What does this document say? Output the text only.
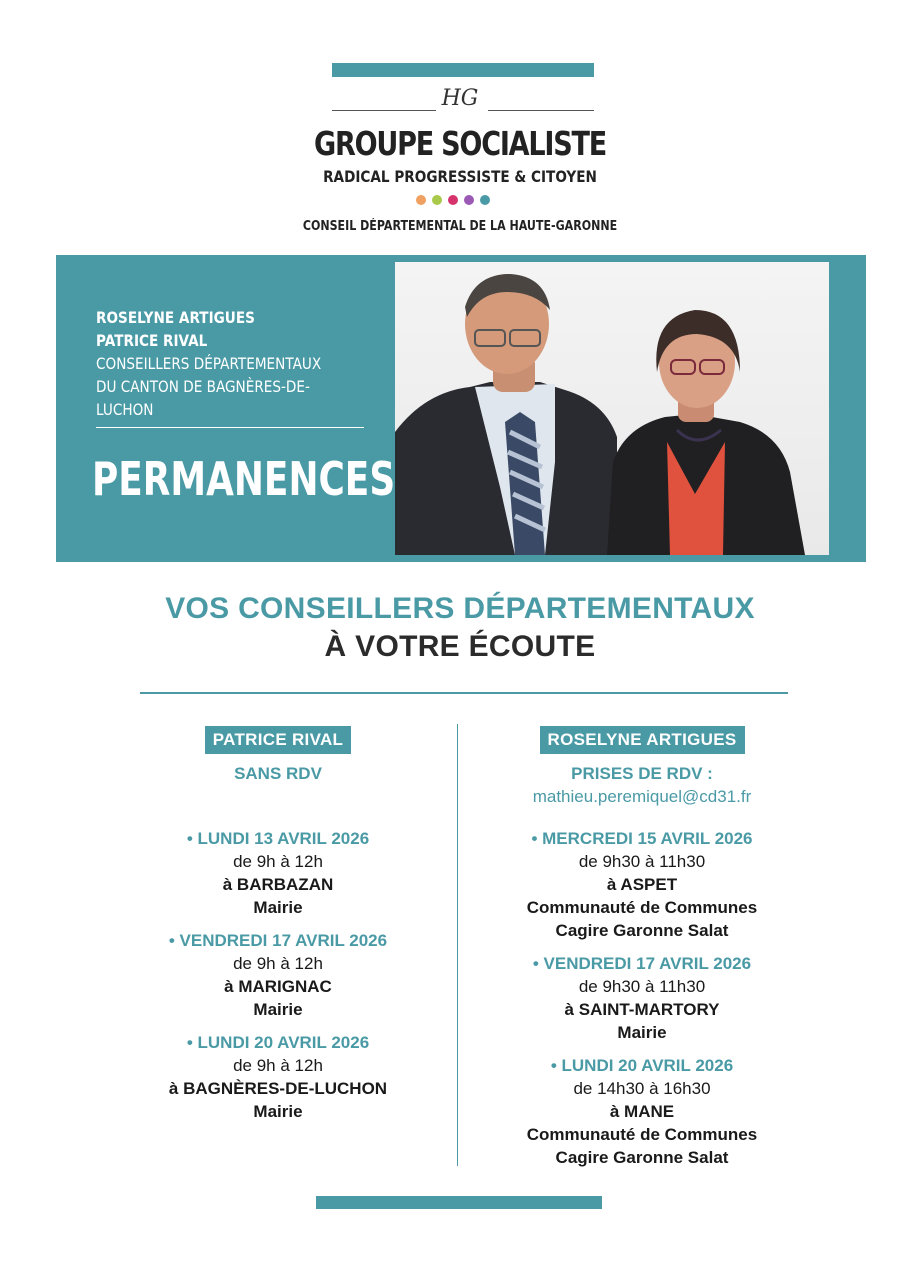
HG
GROUPE SOCIALISTE
RADICAL PROGRESSISTE & CITOYEN
CONSEIL DÉPARTEMENTAL DE LA HAUTE-GARONNE
ROSELYNE ARTIGUES
PATRICE RIVAL
CONSEILLERS DÉPARTEMENTAUX
DU CANTON DE BAGNÈRES-DE-LUCHON
PERMANENCES
VOS CONSEILLERS DÉPARTEMENTAUX
À VOTRE ÉCOUTE
PATRICE RIVAL
SANS RDV
• LUNDI 13 AVRIL 2026
de 9h à 12h
à BARBAZAN
Mairie
• VENDREDI 17 AVRIL 2026
de 9h à 12h
à MARIGNAC
Mairie
• LUNDI 20 AVRIL 2026
de 9h à 12h
à BAGNÈRES-DE-LUCHON
Mairie
ROSELYNE ARTIGUES
PRISES DE RDV :
mathieu.peremiquel@cd31.fr
• MERCREDI 15 AVRIL 2026
de 9h30 à 11h30
à ASPET
Communauté de Communes
Cagire Garonne Salat
• VENDREDI 17 AVRIL 2026
de 9h30 à 11h30
à SAINT-MARTORY
Mairie
• LUNDI 20 AVRIL 2026
de 14h30 à 16h30
à MANE
Communauté de Communes
Cagire Garonne Salat
